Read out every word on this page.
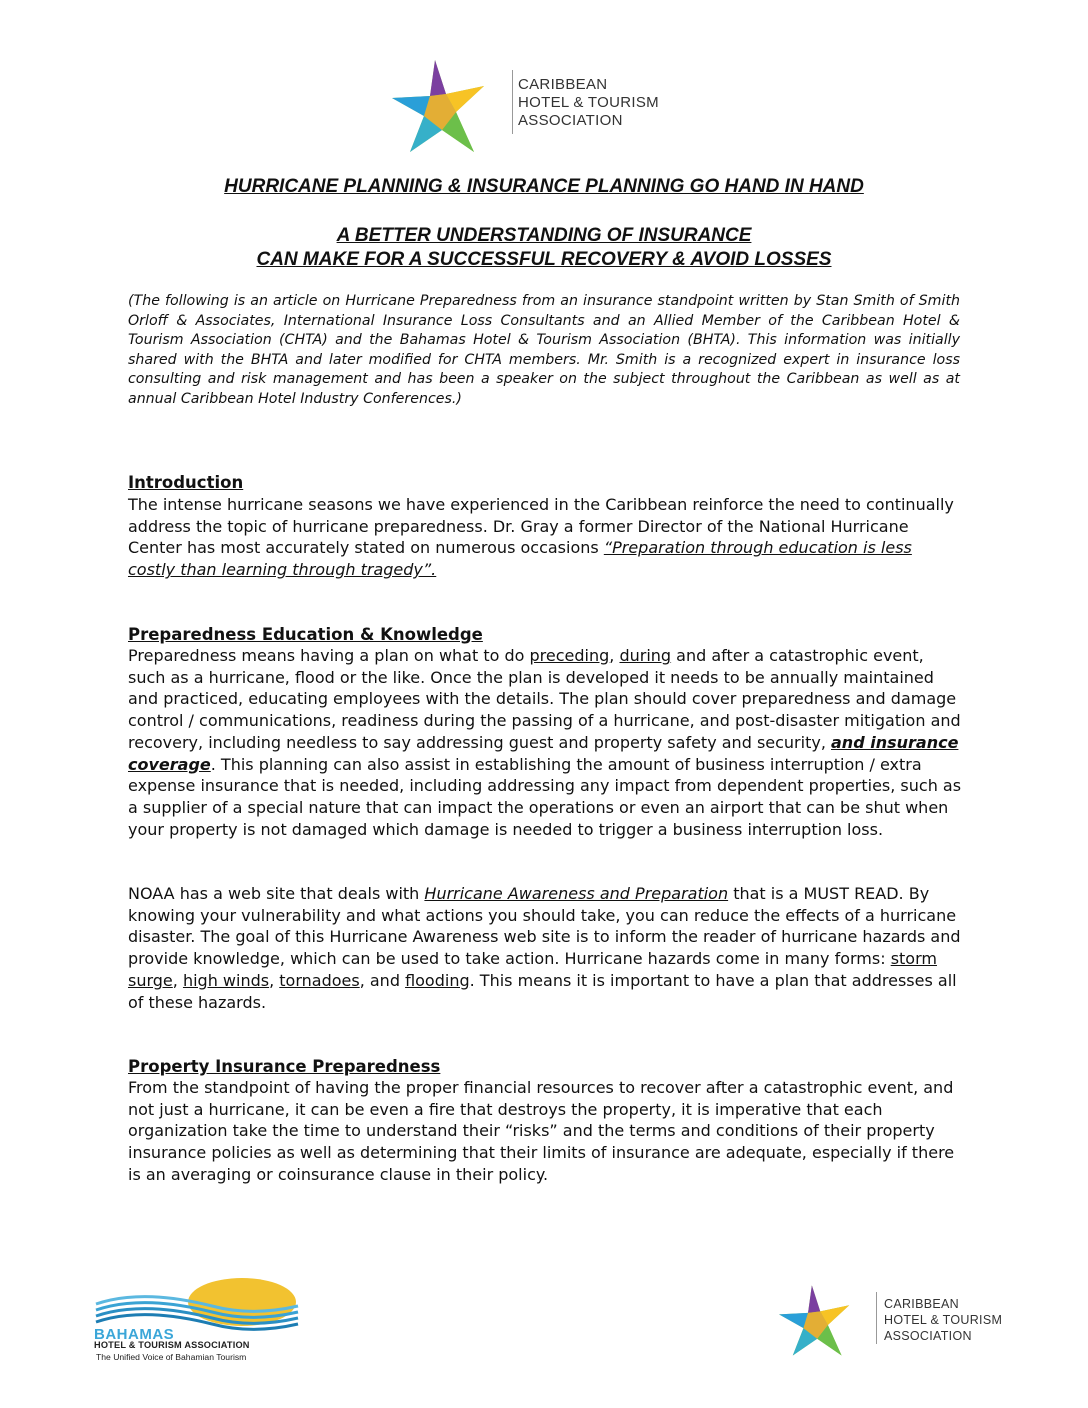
CARIBBEAN
HOTEL & TOURISM
ASSOCIATION
HURRICANE PLANNING & INSURANCE PLANNING GO HAND IN HAND
A BETTER UNDERSTANDING OF INSURANCE
CAN MAKE FOR A SUCCESSFUL RECOVERY & AVOID LOSSES
(The following is an article on Hurricane Preparedness from an insurance standpoint written by Stan Smith of Smith Orloff & Associates, International Insurance Loss Consultants and an Allied Member of the Caribbean Hotel & Tourism Association (CHTA) and the Bahamas Hotel & Tourism Association (BHTA). This information was initially shared with the BHTA and later modified for CHTA members. Mr. Smith is a recognized expert in insurance loss consulting and risk management and has been a speaker on the subject throughout the Caribbean as well as at annual Caribbean Hotel Industry Conferences.)
Introduction
The intense hurricane seasons we have experienced in the Caribbean reinforce the need to continually address the topic of hurricane preparedness. Dr. Gray a former Director of the National Hurricane Center has most accurately stated on numerous occasions “Preparation through education is less costly than learning through tragedy”.
Preparedness Education & Knowledge
Preparedness means having a plan on what to do preceding, during and after a catastrophic event, such as a hurricane, flood or the like. Once the plan is developed it needs to be annually maintained and practiced, educating employees with the details. The plan should cover preparedness and damage control / communications, readiness during the passing of a hurricane, and post-disaster mitigation and recovery, including needless to say addressing guest and property safety and security, and insurance coverage. This planning can also assist in establishing the amount of business interruption / extra expense insurance that is needed, including addressing any impact from dependent properties, such as a supplier of a special nature that can impact the operations or even an airport that can be shut when your property is not damaged which damage is needed to trigger a business interruption loss.
NOAA has a web site that deals with Hurricane Awareness and Preparation that is a MUST READ. By knowing your vulnerability and what actions you should take, you can reduce the effects of a hurricane disaster. The goal of this Hurricane Awareness web site is to inform the reader of hurricane hazards and provide knowledge, which can be used to take action. Hurricane hazards come in many forms: storm surge, high winds, tornadoes, and flooding. This means it is important to have a plan that addresses all of these hazards.
Property Insurance Preparedness
From the standpoint of having the proper financial resources to recover after a catastrophic event, and not just a hurricane, it can be even a fire that destroys the property, it is imperative that each organization take the time to understand their “risks” and the terms and conditions of their property insurance policies as well as determining that their limits of insurance are adequate, especially if there is an averaging or coinsurance clause in their policy.
BAHAMAS
HOTEL & TOURISM ASSOCIATION
The Unified Voice of Bahamian Tourism
CARIBBEAN
HOTEL & TOURISM
ASSOCIATION
